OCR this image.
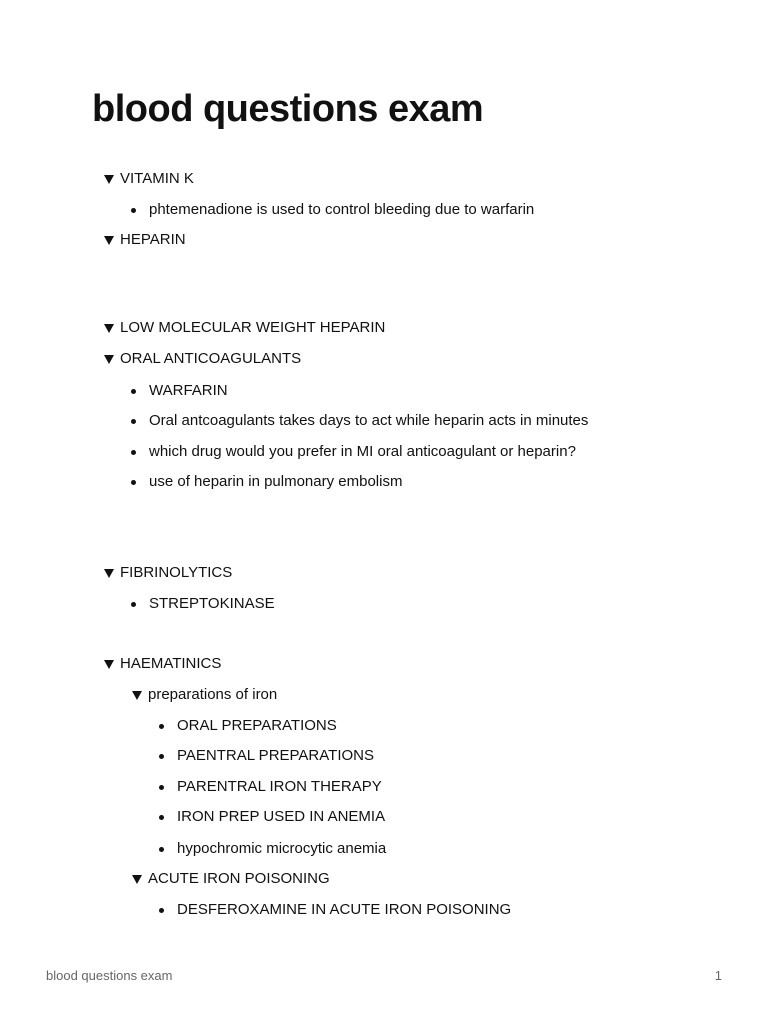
blood questions exam
VITAMIN K
phtemenadione is used to control bleeding due to warfarin
HEPARIN
LOW MOLECULAR WEIGHT HEPARIN
ORAL ANTICOAGULANTS
WARFARIN
Oral antcoagulants takes days to act while heparin acts in minutes
which drug would you prefer in MI oral anticoagulant or heparin?
use of heparin in pulmonary embolism
FIBRINOLYTICS
STREPTOKINASE
HAEMATINICS
preparations of iron
ORAL PREPARATIONS
PAENTRAL PREPARATIONS
PARENTRAL IRON THERAPY
IRON PREP USED IN ANEMIA
hypochromic microcytic anemia
ACUTE IRON POISONING
DESFEROXAMINE IN ACUTE IRON POISONING
blood questions exam	1
